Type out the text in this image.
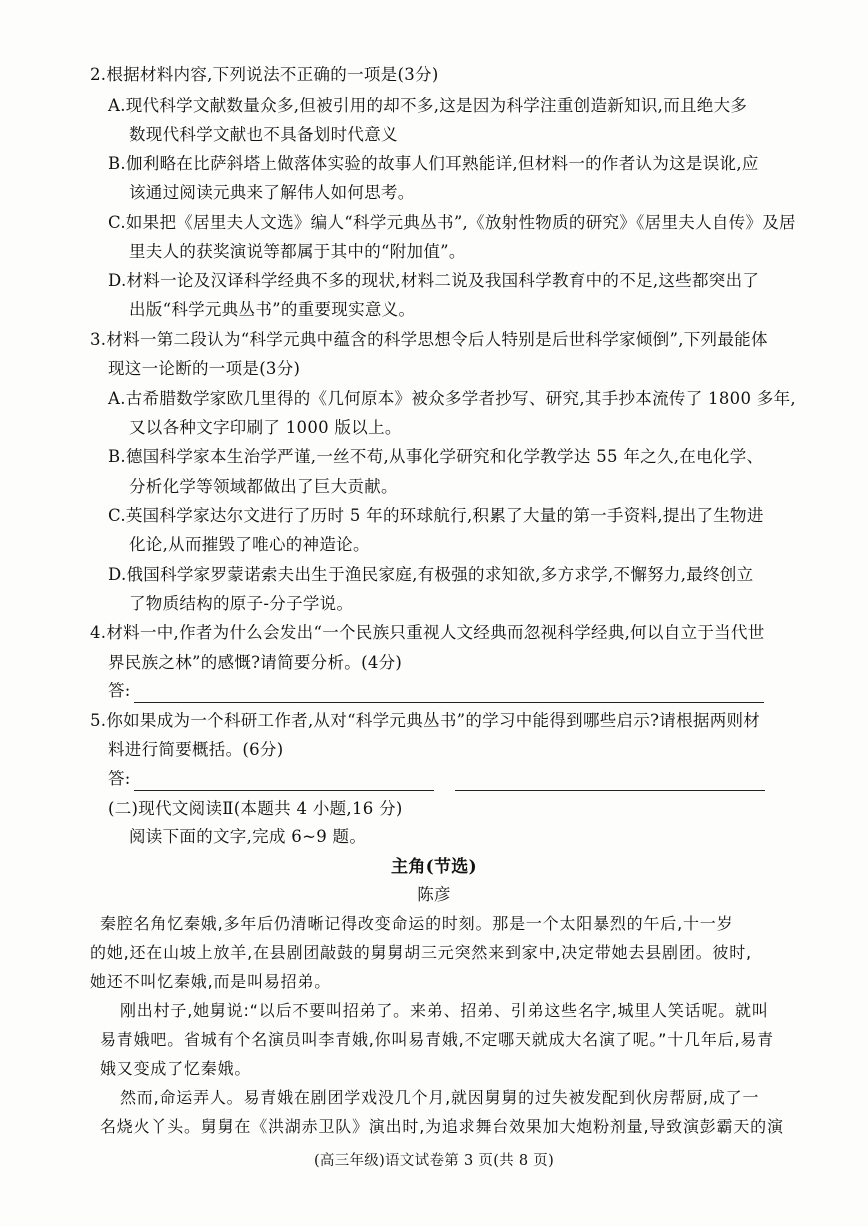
2.根据材料内容,下列说法不正确的一项是(3分)
A.现代科学文献数量众多,但被引用的却不多,这是因为科学注重创造新知识,而且绝大多
数现代科学文献也不具备划时代意义
B.伽利略在比萨斜塔上做落体实验的故事人们耳熟能详,但材料一的作者认为这是误讹,应
该通过阅读元典来了解伟人如何思考。
C.如果把《居里夫人文选》编人“科学元典丛书”,《放射性物质的研究》《居里夫人自传》及居
里夫人的获奖演说等都属于其中的“附加值”。
D.材料一论及汉译科学经典不多的现状,材料二说及我国科学教育中的不足,这些都突出了
出版“科学元典丛书”的重要现实意义。
3.材料一第二段认为“科学元典中蕴含的科学思想令后人特别是后世科学家倾倒”,下列最能体
现这一论断的一项是(3分)
A.古希腊数学家欧几里得的《几何原本》被众多学者抄写、研究,其手抄本流传了 1800 多年,
又以各种文字印刷了 1000 版以上。
B.德国科学家本生治学严谨,一丝不苟,从事化学研究和化学教学达 55 年之久,在电化学、
分析化学等领域都做出了巨大贡献。
C.英国科学家达尔文进行了历时 5 年的环球航行,积累了大量的第一手资料,提出了生物进
化论,从而摧毁了唯心的神造论。
D.俄国科学家罗蒙诺索夫出生于渔民家庭,有极强的求知欲,多方求学,不懈努力,最终创立
了物质结构的原子-分子学说。
4.材料一中,作者为什么会发出“一个民族只重视人文经典而忽视科学经典,何以自立于当代世
界民族之林”的感慨?请简要分析。(4分)
答:
5.你如果成为一个科研工作者,从对“科学元典丛书”的学习中能得到哪些启示?请根据两则材
料进行简要概括。(6分)
答:
(二)现代文阅读Ⅱ(本题共 4 小题,16 分)
阅读下面的文字,完成 6~9 题。
主角(节选)
陈彦
秦腔名角忆秦娥,多年后仍清晰记得改变命运的时刻。那是一个太阳暴烈的午后,十一岁
的她,还在山坡上放羊,在县剧团敲鼓的舅舅胡三元突然来到家中,决定带她去县剧团。彼时,
她还不叫忆秦娥,而是叫易招弟。
刚出村子,她舅说:“以后不要叫招弟了。来弟、招弟、引弟这些名字,城里人笑话呢。就叫
易青娥吧。省城有个名演员叫李青娥,你叫易青娥,不定哪天就成大名演了呢。”十几年后,易青
娥又变成了忆秦娥。
然而,命运弄人。易青娥在剧团学戏没几个月,就因舅舅的过失被发配到伙房帮厨,成了一
名烧火丫头。舅舅在《洪湖赤卫队》演出时,为追求舞台效果加大炮粉剂量,导致演彭霸天的演
(高三年级)语文试卷第 3 页(共 8 页)
